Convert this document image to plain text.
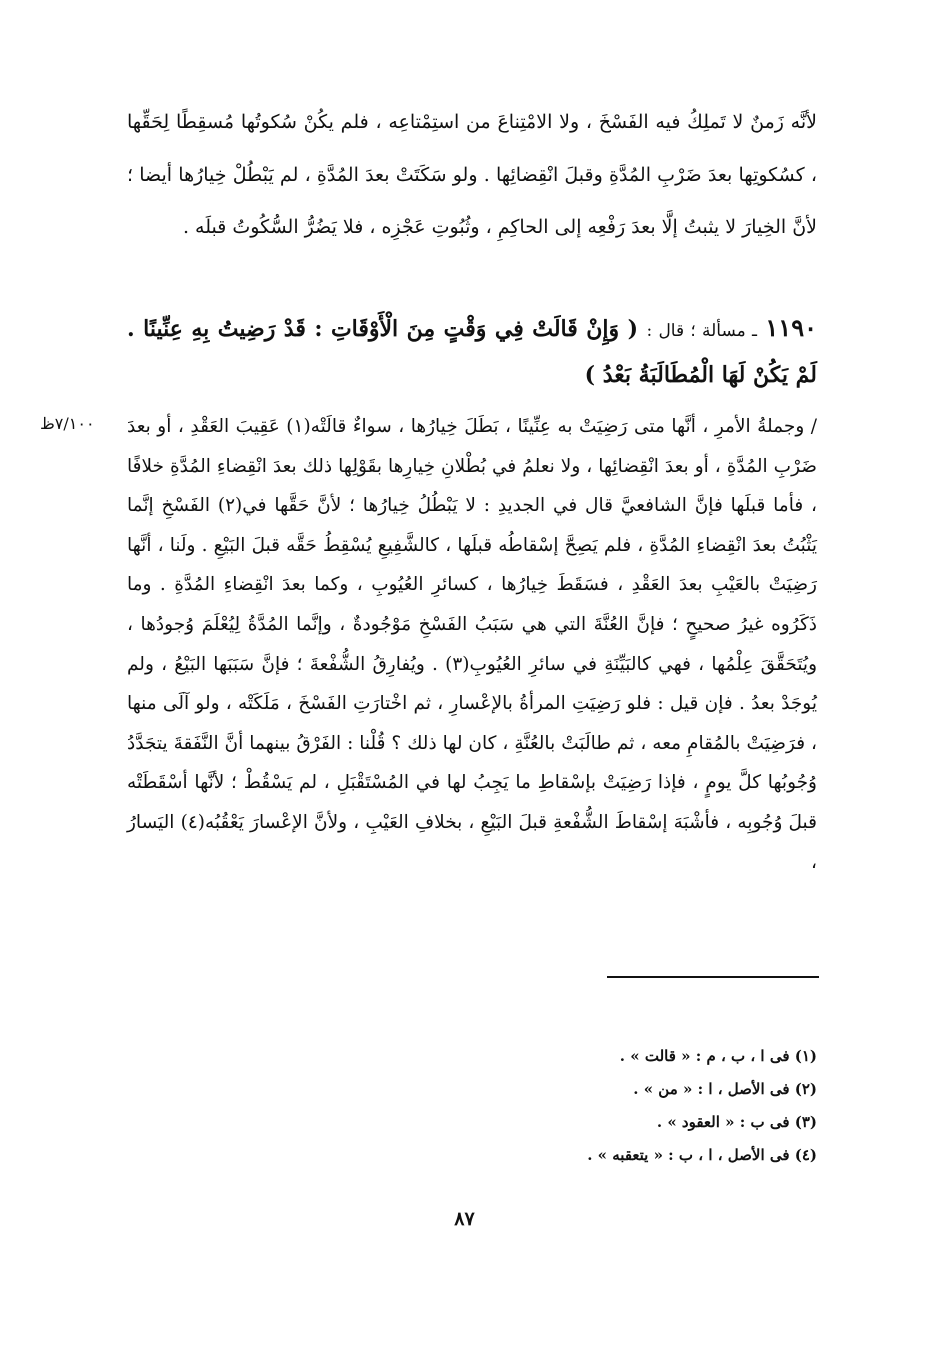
لأنَّه زَمنٌ لا تَملِكُ فيه الفَسْخَ ، ولا الامْتِناعَ من استِمْتاعِه ، فلم يكُنْ سُكوتُها مُسقِطًا لِحَقِّها ، كسُكوتِها بعدَ ضَرْبِ المُدَّةِ وقبلَ انْقِضائِها . ولو سَكَتَتْ بعدَ المُدَّةِ ، لم يَبْطُلْ خِيارُها أيضا ؛ لأنَّ الخِيارَ لا يثبتُ إلَّا بعدَ رَفْعِه إلى الحاكِمِ ، وثُبُوتِ عَجْزِه ، فلا يَضُرُّ السُّكُوتُ قبلَه .

١١٩٠ ـ مسألة ؛ قال : ( وَإِنْ قَالَتْ فِي وَقْتٍ مِنَ الْأَوْقَاتِ : قَدْ رَضِيتُ بِهِ عِنِّينًا . لَمْ يَكُنْ لَهَا الْمُطَالَبَةُ بَعْدُ )
٧/١٠٠ظ / وجملةُ الأمرِ ، أنَّها متى رَضِيَتْ به عِنِّينًا ، بَطَلَ خِيارُها ، سواءٌ قالَتْه(١) عَقِيبَ العَقْدِ ، أو بعدَ ضَرْبِ المُدَّةِ ، أو بعدَ انْقِضائِها ، ولا نعلمُ في بُطْلانِ خِيارِها بقَوْلِها ذلك بعدَ انْقِضاءِ المُدَّةِ خلافًا ، فأما قبلَها فإنَّ الشافعيَّ قال في الجديدِ : لا يَبْطُلُ خِيارُها ؛ لأنَّ حَقَّها في(٢) الفَسْخِ إنَّما يَثْبُتُ بعدَ انْقِضاءِ المُدَّةِ ، فلم يَصِحَّ إسْقاطُه قبلَها ، كالشَّفِيعِ يُسْقِطُ حَقَّه قبلَ البَيْعِ . ولَنا ، أنَّها رَضِيَتْ بالعَيْبِ بعدَ العَقْدِ ، فسَقَطَ خِيارُها ، كسائرِ العُيُوبِ ، وكما بعدَ انْقِضاءِ المُدَّةِ . وما ذَكَرُوه غيرُ صحيحٍ ؛ فإنَّ العُنَّةَ التي هي سَبَبُ الفَسْخِ مَوْجُودةٌ ، وإنَّما المُدَّةُ لِيُعْلَمَ وُجودُها ، ويُتَحَقَّقَ عِلْمُها ، فهي كالبَيِّنَةِ في سائرِ العُيُوبِ(٣) . ويُفارِقُ الشُّفْعةَ ؛ فإنَّ سَبَبَها البَيْعُ ، ولم يُوجَدْ بعدُ . فإن قيل : فلو رَضِيَتِ المرأةُ بالإعْسارِ ، ثم اخْتارَتِ الفَسْخَ ، مَلَكَتْه ، ولو آلَى منها ، فرَضِيَتْ بالمُقامِ معه ، ثم طالَبَتْ بالعُنَّةِ ، كان لها ذلك ؟ قُلْنا : الفَرْقُ بينهما أنَّ النَّفَقةَ يتجَدَّدُ وُجُوبُها كلَّ يومٍ ، فإذا رَضِيَتْ بإسْقاطِ ما يَجِبُ لها في المُسْتَقْبَلِ ، لم يَسْقُطْ ؛ لأنَّها أسْقَطَتْه قبلَ وُجُوبِه ، فأشْبَهَ إسْقاطَ الشُّفْعةِ قبلَ البَيْعِ ، بخلافِ العَيْبِ ، ولأنَّ الإعْسارَ يَعْقُبُه(٤) اليَسارُ ،

(١) فى ا ، ب ، م : « قالت » .
(٢) فى الأصل ، ا : « من » .
(٣) فى ب : « العقود » .
(٤) فى الأصل ، ا ، ب : « يتعقبه » .
٨٧
